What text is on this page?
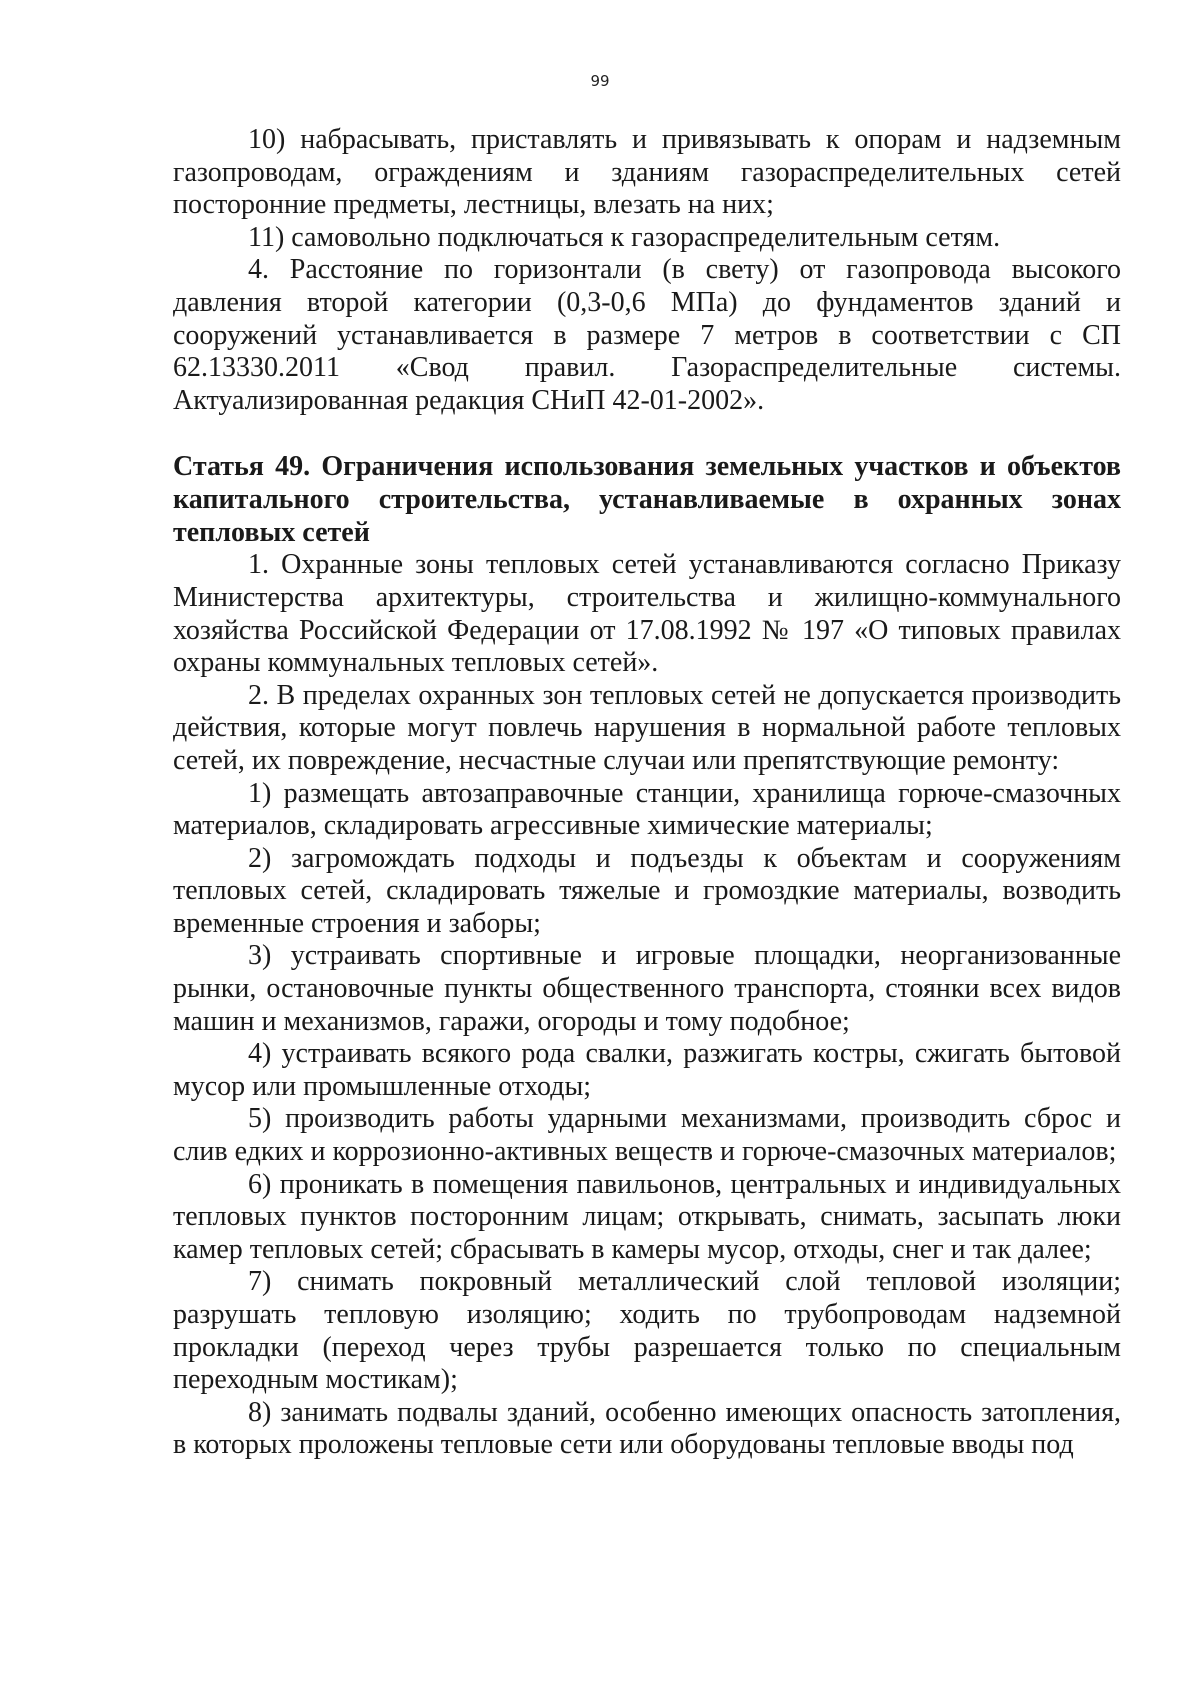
99

10) набрасывать, приставлять и привязывать к опорам и надземным газопроводам, ограждениям и зданиям газораспределительных сетей посторонние предметы, лестницы, влезать на них;

11) самовольно подключаться к газораспределительным сетям.

4. Расстояние по горизонтали (в свету) от газопровода высокого давления второй категории (0,3-0,6 МПа) до фундаментов зданий и сооружений устанавливается в размере 7 метров в соответствии с СП 62.13330.2011 «Свод правил. Газораспределительные системы. Актуализированная редакция СНиП 42-01-2002».

Статья 49. Ограничения использования земельных участков и объектов капитального строительства, устанавливаемые в охранных зонах тепловых сетей

1. Охранные зоны тепловых сетей устанавливаются согласно Приказу Министерства архитектуры, строительства и жилищно-коммунального хозяйства Российской Федерации от 17.08.1992 № 197 «О типовых правилах охраны коммунальных тепловых сетей».

2. В пределах охранных зон тепловых сетей не допускается производить действия, которые могут повлечь нарушения в нормальной работе тепловых сетей, их повреждение, несчастные случаи или препятствующие ремонту:

1) размещать автозаправочные станции, хранилища горюче-смазочных материалов, складировать агрессивные химические материалы;

2) загромождать подходы и подъезды к объектам и сооружениям тепловых сетей, складировать тяжелые и громоздкие материалы, возводить временные строения и заборы;

3) устраивать спортивные и игровые площадки, неорганизованные рынки, остановочные пункты общественного транспорта, стоянки всех видов машин и механизмов, гаражи, огороды и тому подобное;

4) устраивать всякого рода свалки, разжигать костры, сжигать бытовой мусор или промышленные отходы;

5) производить работы ударными механизмами, производить сброс и слив едких и коррозионно-активных веществ и горюче-смазочных материалов;

6) проникать в помещения павильонов, центральных и индивидуальных тепловых пунктов посторонним лицам; открывать, снимать, засыпать люки камер тепловых сетей; сбрасывать в камеры мусор, отходы, снег и так далее;

7) снимать покровный металлический слой тепловой изоляции; разрушать тепловую изоляцию; ходить по трубопроводам надземной прокладки (переход через трубы разрешается только по специальным переходным мостикам);

8) занимать подвалы зданий, особенно имеющих опасность затопления, в которых проложены тепловые сети или оборудованы тепловые вводы под
